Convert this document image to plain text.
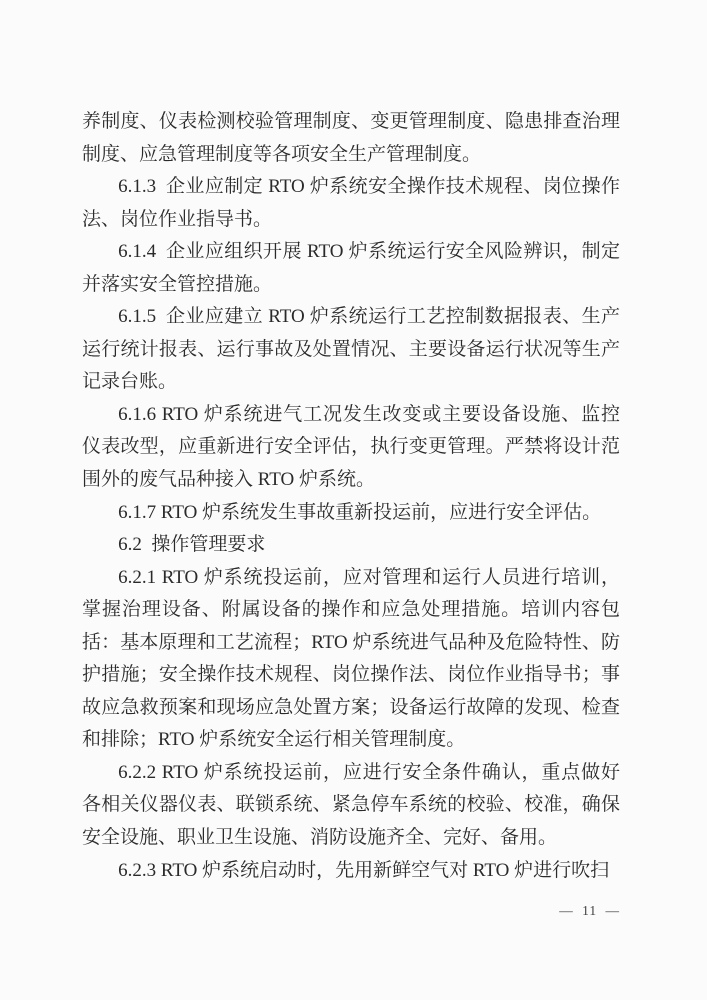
养制度、仪表检测校验管理制度、变更管理制度、隐患排查治理制度、应急管理制度等各项安全生产管理制度。

6.1.3 企业应制定 RTO 炉系统安全操作技术规程、岗位操作法、岗位作业指导书。

6.1.4 企业应组织开展 RTO 炉系统运行安全风险辨识，制定并落实安全管控措施。

6.1.5 企业应建立 RTO 炉系统运行工艺控制数据报表、生产运行统计报表、运行事故及处置情况、主要设备运行状况等生产记录台账。

6.1.6 RTO 炉系统进气工况发生改变或主要设备设施、监控仪表改型，应重新进行安全评估，执行变更管理。严禁将设计范围外的废气品种接入 RTO 炉系统。

6.1.7 RTO 炉系统发生事故重新投运前，应进行安全评估。

6.2 操作管理要求

6.2.1 RTO 炉系统投运前，应对管理和运行人员进行培训，掌握治理设备、附属设备的操作和应急处理措施。培训内容包括：基本原理和工艺流程；RTO 炉系统进气品种及危险特性、防护措施；安全操作技术规程、岗位操作法、岗位作业指导书；事故应急救预案和现场应急处置方案；设备运行故障的发现、检查和排除；RTO 炉系统安全运行相关管理制度。

6.2.2 RTO 炉系统投运前，应进行安全条件确认，重点做好各相关仪器仪表、联锁系统、紧急停车系统的校验、校准，确保安全设施、职业卫生设施、消防设施齐全、完好、备用。

6.2.3 RTO 炉系统启动时，先用新鲜空气对 RTO 炉进行吹扫

— 11 —
